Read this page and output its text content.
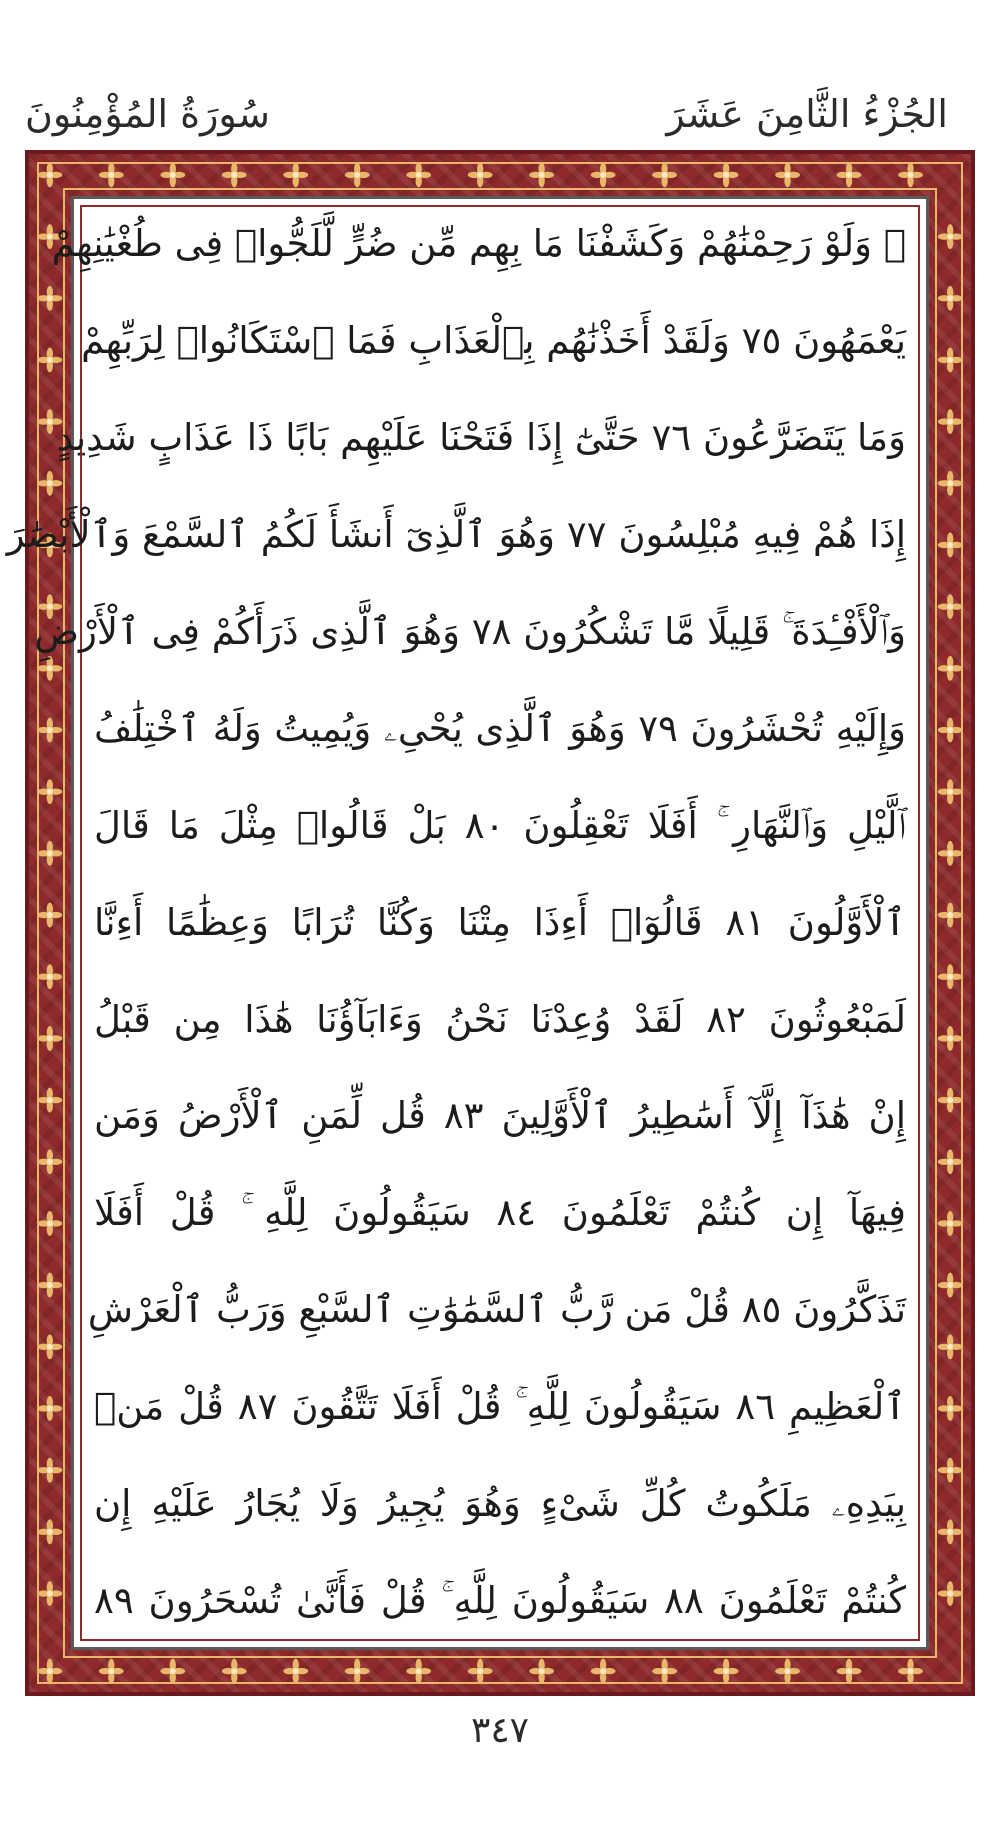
الجُزْءُ الثَّامِنَ عَشَرَ
سُورَةُ المُؤْمِنُونَ
۞ وَلَوْ رَحِمْنَٰهُمْ وَكَشَفْنَا مَا بِهِم مِّن ضُرٍّ لَّلَجُّوا۟ فِى طُغْيَٰنِهِمْ
يَعْمَهُونَ ٧٥ وَلَقَدْ أَخَذْنَٰهُم بِٱلْعَذَابِ فَمَا ٱسْتَكَانُوا۟ لِرَبِّهِمْ
وَمَا يَتَضَرَّعُونَ ٧٦ حَتَّىٰٓ إِذَا فَتَحْنَا عَلَيْهِم بَابًا ذَا عَذَابٍ شَدِيدٍ
إِذَا هُمْ فِيهِ مُبْلِسُونَ ٧٧ وَهُوَ ٱلَّذِىٓ أَنشَأَ لَكُمُ ٱلسَّمْعَ وَٱلْأَبْصَٰرَ
وَٱلْأَفْـِٔدَةَ ۚ قَلِيلًا مَّا تَشْكُرُونَ ٧٨ وَهُوَ ٱلَّذِى ذَرَأَكُمْ فِى ٱلْأَرْضِ
وَإِلَيْهِ تُحْشَرُونَ ٧٩ وَهُوَ ٱلَّذِى يُحْىِۦ وَيُمِيتُ وَلَهُ ٱخْتِلَٰفُ
ٱلَّيْلِ وَٱلنَّهَارِ ۚ أَفَلَا تَعْقِلُونَ ٨٠ بَلْ قَالُوا۟ مِثْلَ مَا قَالَ
ٱلْأَوَّلُونَ ٨١ قَالُوٓا۟ أَءِذَا مِتْنَا وَكُنَّا تُرَابًا وَعِظَٰمًا أَءِنَّا
لَمَبْعُوثُونَ ٨٢ لَقَدْ وُعِدْنَا نَحْنُ وَءَابَآؤُنَا هَٰذَا مِن قَبْلُ
إِنْ هَٰذَآ إِلَّآ أَسَٰطِيرُ ٱلْأَوَّلِينَ ٨٣ قُل لِّمَنِ ٱلْأَرْضُ وَمَن
فِيهَآ إِن كُنتُمْ تَعْلَمُونَ ٨٤ سَيَقُولُونَ لِلَّهِ ۚ قُلْ أَفَلَا
تَذَكَّرُونَ ٨٥ قُلْ مَن رَّبُّ ٱلسَّمَٰوَٰتِ ٱلسَّبْعِ وَرَبُّ ٱلْعَرْشِ
ٱلْعَظِيمِ ٨٦ سَيَقُولُونَ لِلَّهِ ۚ قُلْ أَفَلَا تَتَّقُونَ ٨٧ قُلْ مَنۢ
بِيَدِهِۦ مَلَكُوتُ كُلِّ شَىْءٍ وَهُوَ يُجِيرُ وَلَا يُجَارُ عَلَيْهِ إِن
كُنتُمْ تَعْلَمُونَ ٨٨ سَيَقُولُونَ لِلَّهِ ۚ قُلْ فَأَنَّىٰ تُسْحَرُونَ ٨٩
٣٤٧
